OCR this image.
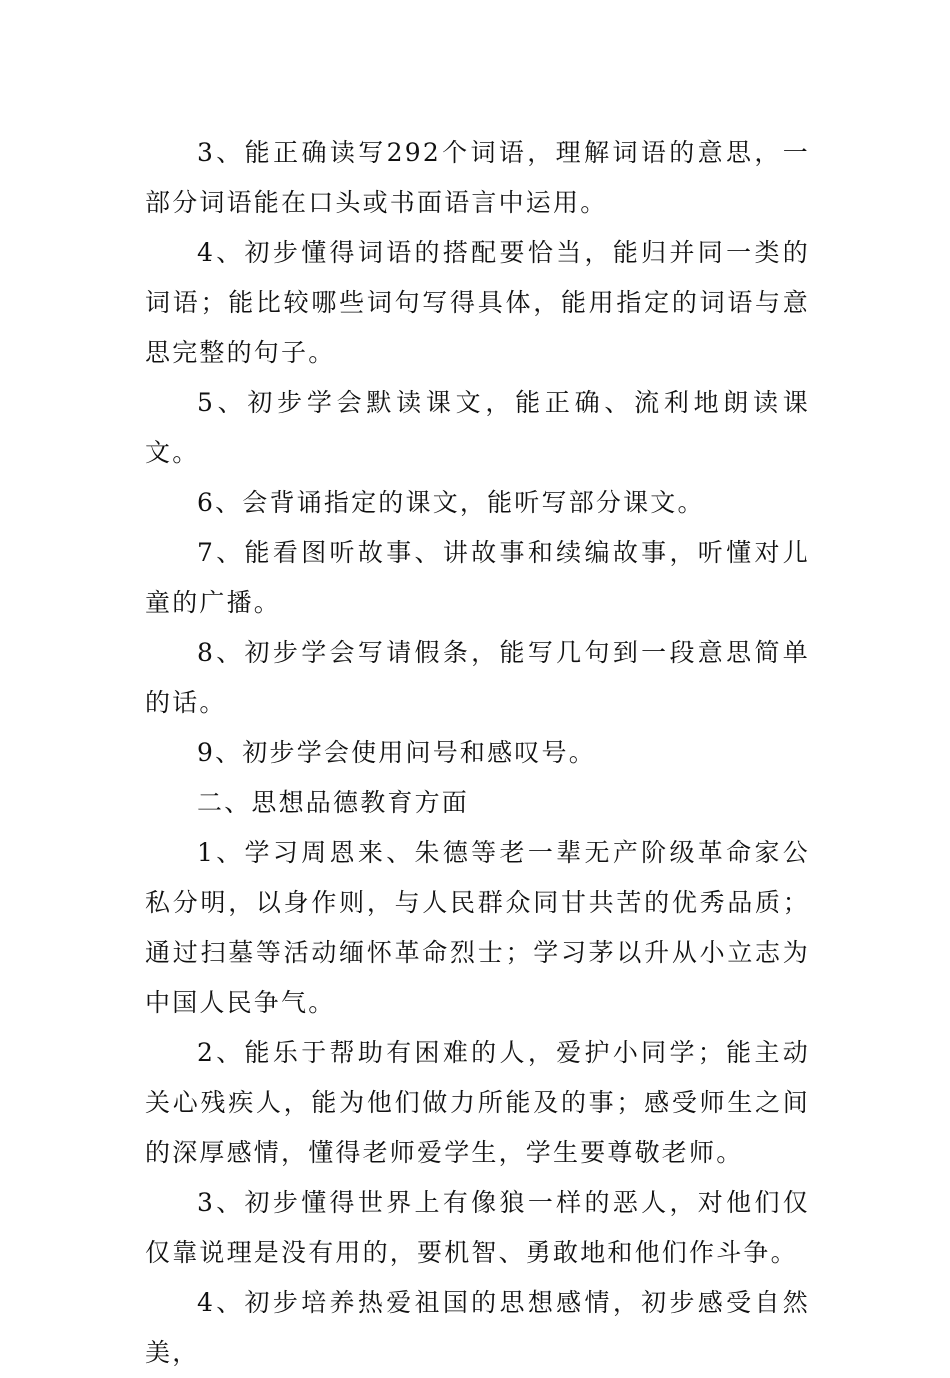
3、能正确读写292个词语，理解词语的意思，一部分词语能在口头或书面语言中运用。

4、初步懂得词语的搭配要恰当，能归并同一类的词语；能比较哪些词句写得具体，能用指定的词语与意思完整的句子。

5、初步学会默读课文，能正确、流利地朗读课文。

6、会背诵指定的课文，能听写部分课文。

7、能看图听故事、讲故事和续编故事，听懂对儿童的广播。

8、初步学会写请假条，能写几句到一段意思简单的话。

9、初步学会使用问号和感叹号。

二、思想品德教育方面

1、学习周恩来、朱德等老一辈无产阶级革命家公私分明，以身作则，与人民群众同甘共苦的优秀品质；通过扫墓等活动缅怀革命烈士；学习茅以升从小立志为中国人民争气。

2、能乐于帮助有困难的人，爱护小同学；能主动关心残疾人，能为他们做力所能及的事；感受师生之间的深厚感情，懂得老师爱学生，学生要尊敬老师。

3、初步懂得世界上有像狼一样的恶人，对他们仅仅靠说理是没有用的，要机智、勇敢地和他们作斗争。

4、初步培养热爱祖国的思想感情，初步感受自然美，
